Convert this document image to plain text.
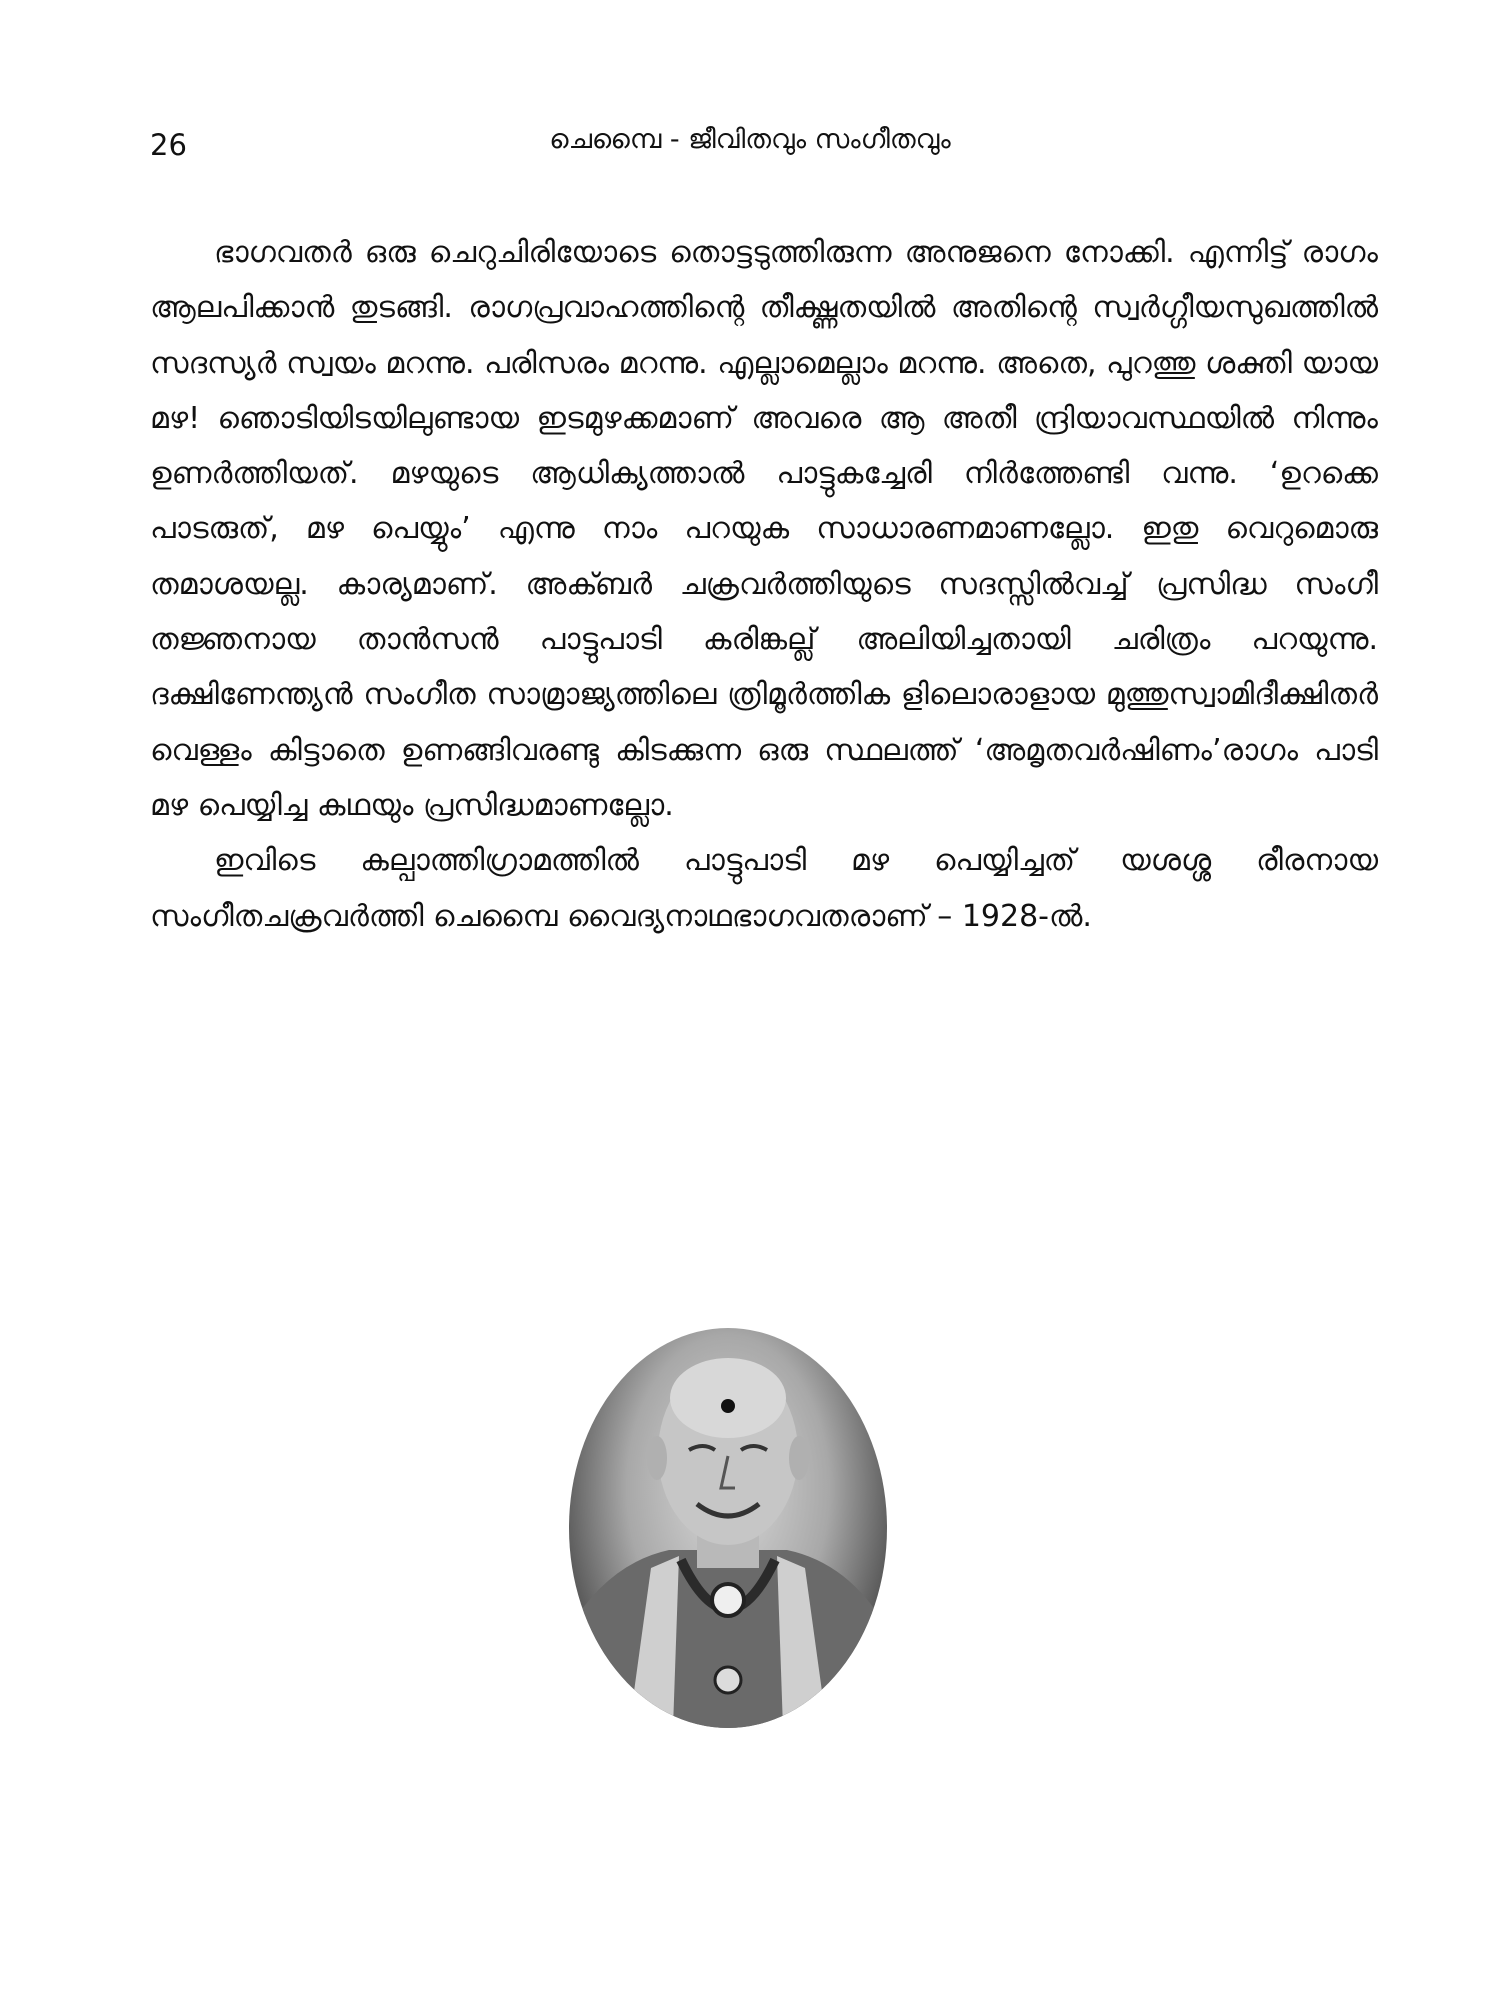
26	ചെമ്പൈ - ജീവിതവും സംഗീതവും

ഭാഗവതർ ഒരു ചെറുചിരിയോടെ തൊട്ടടുത്തിരുന്ന അനുജനെ നോക്കി. എന്നിട്ട് രാഗം ആലപിക്കാൻ തുടങ്ങി. രാഗപ്രവാഹത്തിന്റെ തീക്ഷ്ണതയിൽ അതിന്റെ സ്വർഗ്ഗീയസുഖത്തിൽ സദസ്യർ സ്വയം മറന്നു. പരിസരം മറന്നു. എല്ലാമെല്ലാം മറന്നു. അതെ, പുറത്തു ശക്തി യായ മഴ! ഞൊടിയിടയിലുണ്ടായ ഇടമുഴക്കമാണ് അവരെ ആ അതീ ന്ദ്രിയാവസ്ഥയിൽ നിന്നും ഉണർത്തിയത്. മഴയുടെ ആധിക്യത്താൽ പാട്ടുകച്ചേരി നിർത്തേണ്ടി വന്നു. ‘ഉറക്കെ പാടരുത്, മഴ പെയ്യും’ എന്നു നാം പറയുക സാധാരണമാണല്ലോ. ഇതു വെറുമൊരു തമാശയല്ല. കാര്യമാണ്. അക്ബർ ചക്രവർത്തിയുടെ സദസ്സിൽവച്ച് പ്രസിദ്ധ സംഗീ തജ്ഞനായ താൻസൻ പാട്ടുപാടി കരിങ്കല്ല് അലിയിച്ചതായി ചരിത്രം പറയുന്നു. ദക്ഷിണേന്ത്യൻ സംഗീത സാമ്രാജ്യത്തിലെ ത്രിമൂർത്തിക ളിലൊരാളായ മുത്തുസ്വാമിദീക്ഷിതർ വെള്ളം കിട്ടാതെ ഉണങ്ങിവരണ്ടു കിടക്കുന്ന ഒരു സ്ഥലത്ത് ‘അമൃതവർഷിണം’രാഗം പാടി മഴ പെയ്യിച്ച കഥയും പ്രസിദ്ധമാണല്ലോ.

ഇവിടെ കല്പാത്തിഗ്രാമത്തിൽ പാട്ടുപാടി മഴ പെയ്യിച്ചത് യശശ്ശ രീരനായ സംഗീതചക്രവർത്തി ചെമ്പൈ വൈദ്യനാഥഭാഗവതരാണ് – 1928-ൽ.
